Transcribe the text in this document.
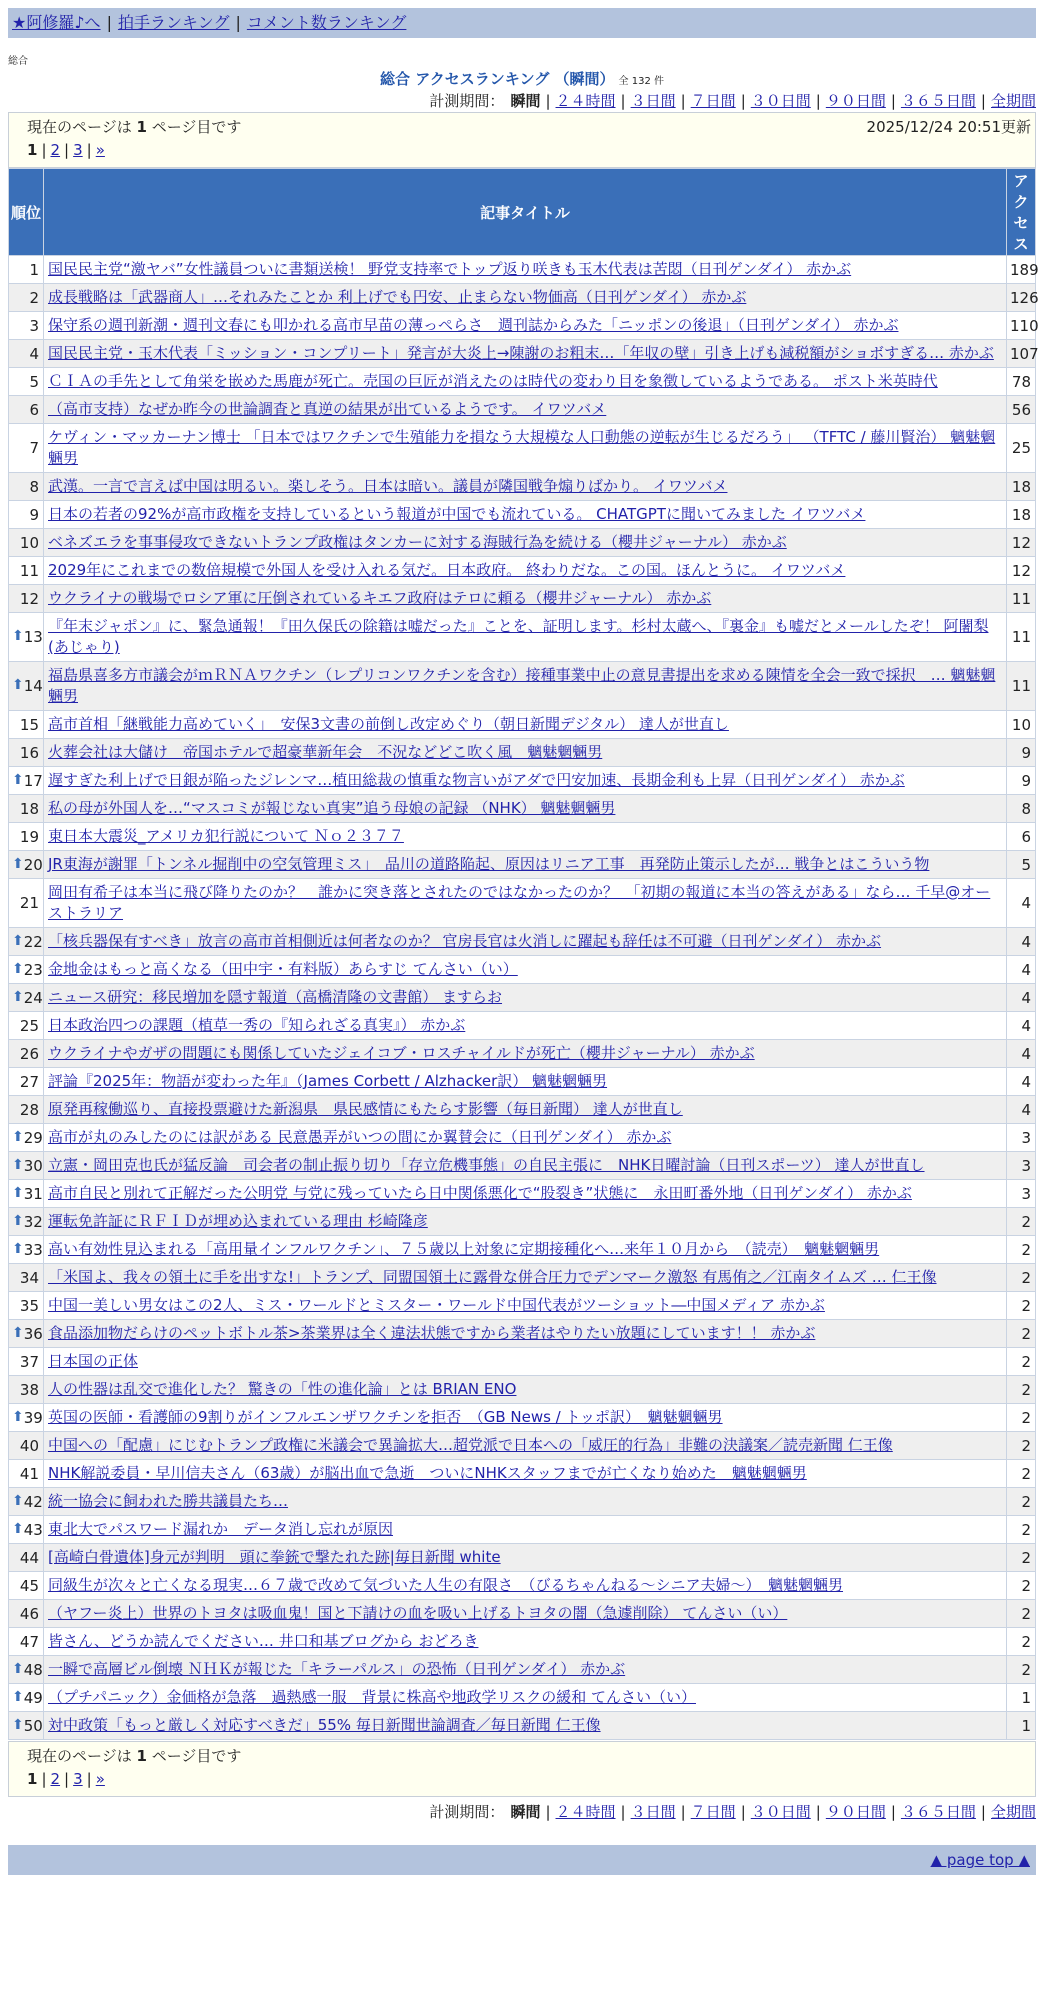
★阿修羅♪へ | 拍手ランキング | コメント数ランキング
総合
総合 アクセスランキング （瞬間） 全 132 件
計測期間： 瞬間 | ２４時間 | ３日間 | ７日間 | ３０日間 | ９０日間 | ３６５日間 | 全期間
現在のページは 1 ページ目です	2025/12/24 20:51更新
1 | 2 | 3 | »
順位	記事タイトル	アクセス
1	国民民主党“激ヤバ”女性議員ついに書類送検！ 野党支持率でトップ返り咲きも玉木代表は苦悶（日刊ゲンダイ） 赤かぶ	189
2	成長戦略は「武器商人」…それみたことか 利上げでも円安、止まらない物価高（日刊ゲンダイ） 赤かぶ	126
3	保守系の週刊新潮・週刊文春にも叩かれる高市早苗の薄っぺらさ　週刊誌からみた「ニッポンの後退」（日刊ゲンダイ） 赤かぶ	110
4	国民民主党・玉木代表「ミッション・コンプリート」発言が大炎上→陳謝のお粗末…「年収の壁」引き上げも減税額がショボすぎる… 赤かぶ	107
5	ＣＩＡの手先として角栄を嵌めた馬鹿が死亡。売国の巨匠が消えたのは時代の変わり目を象徴しているようである。 ポスト米英時代	78
6	（高市支持）なぜか昨今の世論調査と真逆の結果が出ているようです。 イワツバメ	56
7	ケヴィン・マッカーナン博士 「日本ではワクチンで生殖能力を損なう大規模な人口動態の逆転が生じるだろう」 （TFTC / 藤川賢治） 魑魅魍魎男	25
8	武漢。一言で言えば中国は明るい。楽しそう。日本は暗い。議員が隣国戦争煽りばかり。 イワツバメ	18
9	日本の若者の92%が高市政権を支持しているという報道が中国でも流れている。 CHATGPTに聞いてみました イワツバメ	18
10	ベネズエラを事事侵攻できないトランプ政権はタンカーに対する海賊行為を続ける（櫻井ジャーナル） 赤かぶ	12
11	2029年にこれまでの数倍規模で外国人を受け入れる気だ。日本政府。 終わりだな。この国。ほんとうに。 イワツバメ	12
12	ウクライナの戦場でロシア軍に圧倒されているキエフ政府はテロに頼る（櫻井ジャーナル） 赤かぶ	11

⬆ 13	『年末ジャポン』に、緊急通報！『田久保氏の除籍は嘘だった』ことを、証明します。杉村太蔵へ、『裏金』も嘘だとメールしたぞ！ 阿闍梨(あじゃり)	11

⬆ 14	福島県喜多方市議会がｍＲＮＡワクチン（レプリコンワクチンを含む）接種事業中止の意見書提出を求める陳情を全会一致で採択　… 魑魅魍魎男	11
15	高市首相「継戦能力高めていく」　安保3文書の前倒し改定めぐり（朝日新聞デジタル） 達人が世直し	10
16	火葬会社は大儲け　帝国ホテルで超豪華新年会　不況などどこ吹く風　魑魅魍魎男	9

⬆ 17	遅すぎた利上げで日銀が陥ったジレンマ…植田総裁の慎重な物言いがアダで円安加速、長期金利も上昇（日刊ゲンダイ） 赤かぶ	9
18	私の母が外国人を…“マスコミが報じない真実”追う母娘の記録 （NHK） 魑魅魍魎男	8
19	東日本大震災_アメリカ犯行説について Ｎｏ２３７７	6

⬆ 20	JR東海が謝罪「トンネル掘削中の空気管理ミス」　品川の道路陥起、原因はリニア工事　再発防止策示したが… 戦争とはこういう物	5
21	岡田有希子は本当に飛び降りたのか？　誰かに突き落とされたのではなかったのか？　「初期の報道に本当の答えがある」なら… 千早@オーストラリア	4

⬆ 22	「核兵器保有すべき」放言の高市首相側近は何者なのか？ 官房長官は火消しに躍起も辞任は不可避（日刊ゲンダイ） 赤かぶ	4

⬆ 23	金地金はもっと高くなる（田中宇・有料版）あらすじ てんさい（い）	4

⬆ 24	ニュース研究：移民増加を隠す報道（高橋清隆の文書館） ますらお	4
25	日本政治四つの課題（植草一秀の『知られざる真実』） 赤かぶ	4
26	ウクライナやガザの問題にも関係していたジェイコブ・ロスチャイルドが死亡（櫻井ジャーナル） 赤かぶ	4
27	評論『2025年：物語が変わった年』（James Corbett / Alzhacker訳） 魑魅魍魎男	4
28	原発再稼働巡り、直接投票避けた新潟県　県民感情にもたらす影響（毎日新聞） 達人が世直し	4

⬆ 29	高市が丸のみしたのには訳がある 民意愚弄がいつの間にか翼賛会に（日刊ゲンダイ） 赤かぶ	3

⬆ 30	立憲・岡田克也氏が猛反論　司会者の制止振り切り「存立危機事態」の自民主張に　NHK日曜討論（日刊スポーツ） 達人が世直し	3

⬆ 31	高市自民と別れて正解だった公明党 与党に残っていたら日中関係悪化で“股裂き”状態に　永田町番外地（日刊ゲンダイ） 赤かぶ	3

⬆ 32	運転免許証にＲＦＩＤが埋め込まれている理由 杉崎隆彦	2

⬆ 33	高い有効性見込まれる「高用量インフルワクチン」、７５歳以上対象に定期接種化へ…来年１０月から　（読売）　魑魅魍魎男	2
34	「米国よ、我々の領土に手を出すな!」トランプ、同盟国領土に露骨な併合圧力でデンマーク激怒 有馬侑之／江南タイムズ … 仁王像	2
35	中国一美しい男女はこの2人、ミス・ワールドとミスター・ワールド中国代表がツーショット―中国メディア 赤かぶ	2

⬆ 36	食品添加物だらけのペットボトル茶>茶業界は全く違法状態ですから業者はやりたい放題にしています！！ 赤かぶ	2
37	日本国の正体	2
38	人の性器は乱交で進化した？ 驚きの「性の進化論」とは BRIAN ENO	2

⬆ 39	英国の医師・看護師の9割りがインフルエンザワクチンを拒否　（GB News / トッポ訳）　魑魅魍魎男	2
40	中国への「配慮」にじむトランプ政権に米議会で異論拡大…超党派で日本への「威圧的行為」非難の決議案／読売新聞 仁王像	2
41	NHK解説委員・早川信夫さん（63歳）が脳出血で急逝　ついにNHKスタッフまでが亡くなり始めた　魑魅魍魎男	2

⬆ 42	統一協会に飼われた勝共議員たち…	2

⬆ 43	東北大でパスワード漏れか　データ消し忘れが原因	2
44	[高崎白骨遺体]身元が判明　頭に拳銃で撃たれた跡|毎日新聞 white	2
45	同級生が次々と亡くなる現実…６７歳で改めて気づいた人生の有限さ　（びるちゃんねる～シニア夫婦～）　魑魅魍魎男	2
46	（ヤフー炎上）世界のトヨタは吸血鬼！国と下請けの血を吸い上げるトヨタの闇（急遽削除） てんさい（い）	2
47	皆さん、どうか読んでください… 井口和基ブログから おどろき	2

⬆ 48	一瞬で高層ビル倒壊 ＮＨＫが報じた「キラーパルス」の恐怖（日刊ゲンダイ） 赤かぶ	2

⬆ 49	（プチパニック）金価格が急落　過熱感一服　背景に株高や地政学リスクの緩和 てんさい（い）	1

⬆ 50	対中政策「もっと厳しく対応すべきだ」55% 毎日新聞世論調査／毎日新聞 仁王像	1
現在のページは 1 ページ目です
1 | 2 | 3 | »
計測期間： 瞬間 | ２４時間 | ３日間 | ７日間 | ３０日間 | ９０日間 | ３６５日間 | 全期間
▲ page top ▲
